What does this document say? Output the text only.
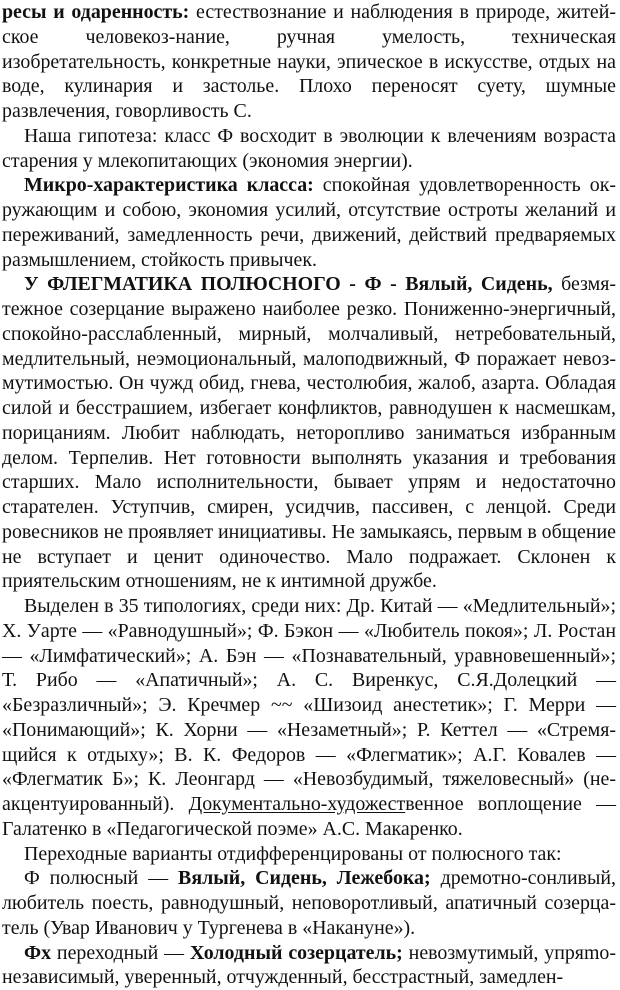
ресы и одаренность: естествознание и наблюдения в природе, житейское человекоз-нание, ручная умелость, техническая изобретательность, конкретные науки, эпическое в искусстве, отдых на воде, кулинария и застолье. Плохо переносят суету, шумные развлечения, говорливость С.

Наша гипотеза: класс Ф восходит в эволюции к влечениям возраста старения у млекопитающих (экономия энергии).

Микро-характеристика класса: спокойная удовлетворенность окружающим и собою, экономия усилий, отсутствие остроты желаний и переживаний, замедленность речи, движений, действий предваряемых размышлением, стойкость привычек.

У ФЛЕГМАТИКА ПОЛЮСНОГО - Ф - Вялый, Сидень, безмятежное созерцание выражено наиболее резко. Пониженно-энергичный, спокойно-расслабленный, мирный, молчаливый, нетребовательный, медлительный, неэмоциональный, малоподвижный, Ф поражает невозмутимостью. Он чужд обид, гнева, честолюбия, жалоб, азарта. Обладая силой и бесстрашием, избегает конфликтов, равнодушен к насмешкам, порицаниям. Любит наблюдать, неторопливо заниматься избранным делом. Терпелив. Нет готовности выполнять указания и требования старших. Мало исполнительности, бывает упрям и недостаточно старателен. Уступчив, смирен, усидчив, пассивен, с ленцой. Среди ровесников не проявляет инициативы. Не замыкаясь, первым в общение не вступает и ценит одиночество. Мало подражает. Склонен к приятельским отношениям, не к интимной дружбе.

Выделен в 35 типологиях, среди них: Др. Китай — «Медлительный»; X. Уарте — «Равнодушный»; Ф. Бэкон — «Любитель покоя»; Л. Ростан — «Лимфатический»; А. Бэн — «Познавательный, уравновешенный»; Т. Рибо — «Апатичный»; А. С. Виренкус, С.Я.Долецкий — «Безразличный»; Э. Кречмер ~~ «Шизоид анестетик»; Г. Мерри — «Понимающий»; К. Хорни — «Незаметный»; Р. Кеттел — «Стремящийся к отдыху»; В. К. Федоров — «Флегматик»; А.Г. Ковалев — «Флегматик Б»; К. Леонгард — «Невозбудимый, тяжеловесный» (неакцентуированный). Документально-художественное воплощение — Галатенко в «Педагогической поэме» А.С. Макаренко.

Переходные варианты отдифференцированы от полюсного так:

Ф полюсный — Вялый, Сидень, Лежебока; дремотно-сонливый, любитель поесть, равнодушный, неповоротливый, апатичный созерцатель (Увар Иванович у Тургенева в «Накануне»).

Фх переходный — Холодный созерцатель; невозмутимый, упряmo-независимый, уверенный, отчужденный, бесстрастный, замедлен-
